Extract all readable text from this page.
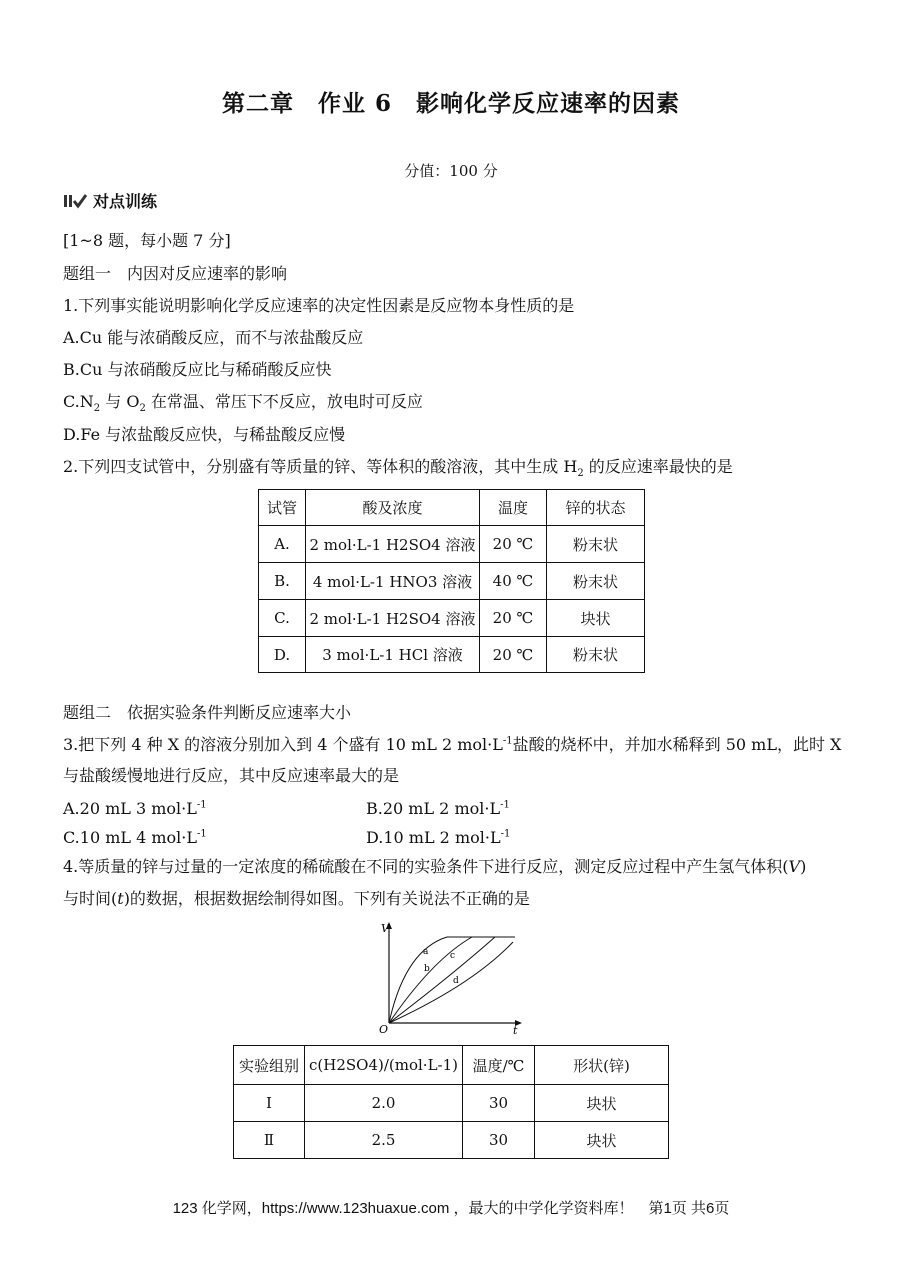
第二章　作业 6　影响化学反应速率的因素
分值：100 分
对点训练
[1~8 题，每小题 7 分]
题组一　内因对反应速率的影响
1.下列事实能说明影响化学反应速率的决定性因素是反应物本身性质的是
A.Cu 能与浓硝酸反应，而不与浓盐酸反应
B.Cu 与浓硝酸反应比与稀硝酸反应快
$C.N_2$ 与 $O_2$ 在常温、常压下不反应，放电时可反应
D.Fe 与浓盐酸反应快，与稀盐酸反应慢
2.下列四支试管中，分别盛有等质量的锌、等体积的酸溶液，其中生成 $H_2$ 的反应速率最快的是
试管	酸及浓度	温度	锌的状态
A.	2 mol·L-1 H2SO4 溶液	20 ℃	粉末状
B.	4 mol·L-1 HNO3 溶液	40 ℃	粉末状
C.	2 mol·L-1 H2SO4 溶液	20 ℃	块状
D.	3 mol·L-1 HCl 溶液	20 ℃	粉末状
题组二　依据实验条件判断反应速率大小
3.把下列 4 种 X 的溶液分别加入到 4 个盛有 10 mL 2 $mol\cdot L^{-1}$盐酸的烧杯中，并加水稀释到 50 mL，此时 X
与盐酸缓慢地进行反应，其中反应速率最大的是
A.20 mL 3 $mol\cdot L^{-1}$	B.20 mL 2 $mol\cdot L^{-1}$
C.10 mL 4 $mol\cdot L^{-1}$	D.10 mL 2 $mol\cdot L^{-1}$
4.等质量的锌与过量的一定浓度的稀硫酸在不同的实验条件下进行反应，测定反应过程中产生氢气体积(V)
与时间(t)的数据，根据数据绘制得如图。下列有关说法不正确的是
V
t
O
a
b
c
d
实验组别	c(H2SO4)/(mol·L-1)	温度/℃	形状(锌)
Ⅰ	2.0	30	块状
Ⅱ	2.5	30	块状
123 化学网，https://www.123huaxue.com ，最大的中学化学资料库！　第1页 共6页
